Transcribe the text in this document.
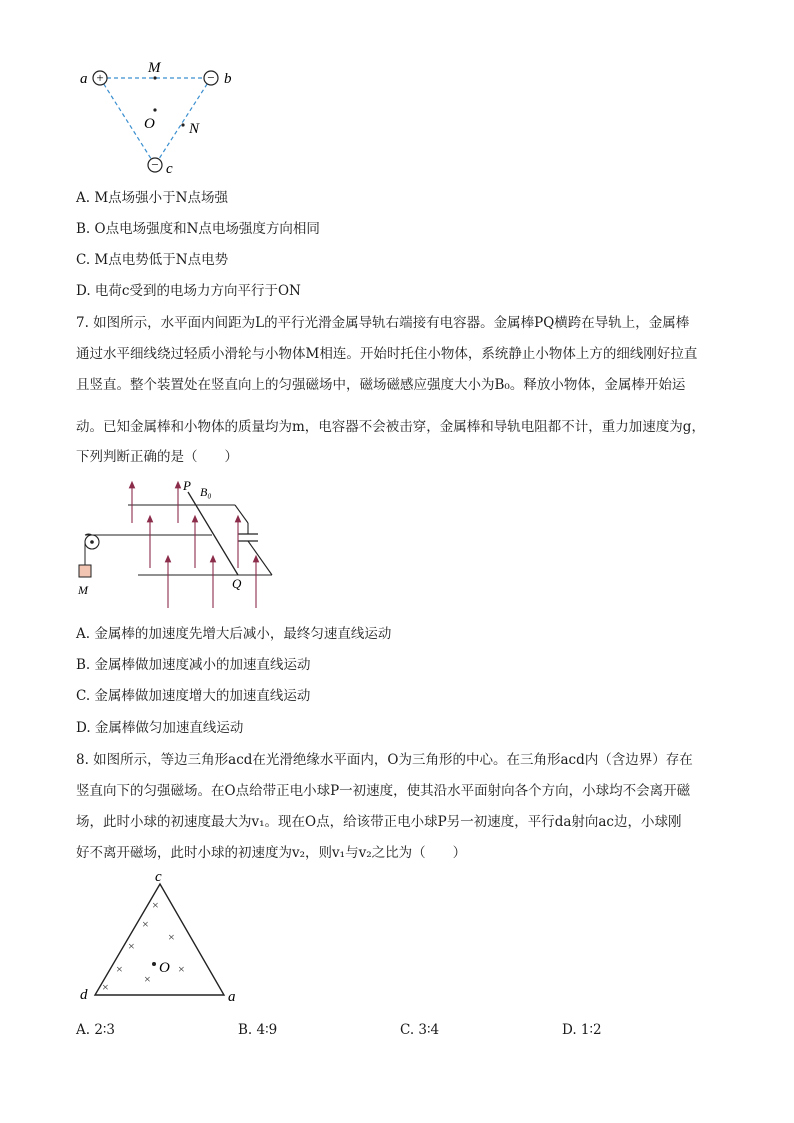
+	−
−
a	b
c
M
O N
A. M点场强小于N点场强
B. O点电场强度和N点电场强度方向相同
C. M点电势低于N点电势
D. 电荷c受到的电场力方向平行于ON
7. 如图所示，水平面内间距为L的平行光滑金属导轨右端接有电容器。金属棒PQ横跨在导轨上，金属棒
通过水平细线绕过轻质小滑轮与小物体M相连。开始时托住小物体，系统静止小物体上方的细线刚好拉直
且竖直。整个装置处在竖直向上的匀强磁场中，磁场磁感应强度大小为B₀。释放小物体，金属棒开始运
动。已知金属棒和小物体的质量均为m，电容器不会被击穿，金属棒和导轨电阻都不计，重力加速度为g，
下列判断正确的是（　　）
P B₀
Q
M
A. 金属棒的加速度先增大后减小，最终匀速直线运动
B. 金属棒做加速度减小的加速直线运动
C. 金属棒做加速度增大的加速直线运动
D. 金属棒做匀加速直线运动
8. 如图所示，等边三角形acd在光滑绝缘水平面内，O为三角形的中心。在三角形acd内（含边界）存在
竖直向下的匀强磁场。在O点给带正电小球P一初速度，使其沿水平面射向各个方向，小球均不会离开磁
场，此时小球的初速度最大为v₁。现在O点，给该带正电小球P另一初速度，平行da射向ac边，小球刚
好不离开磁场，此时小球的初速度为v₂，则v₁与v₂之比为（　　）
×
×
×
×
×	×
×
×
O
c
d	a
A. 2∶3	B. 4∶9	C. 3∶4	D. 1∶2
